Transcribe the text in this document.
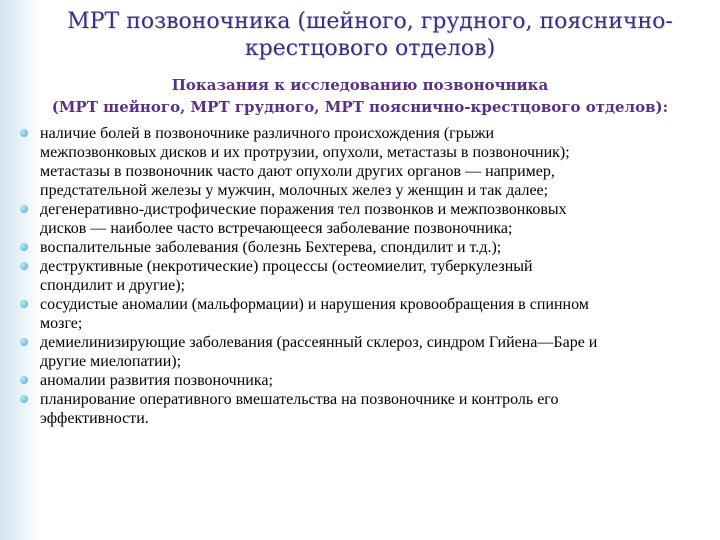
МРТ позвоночника (шейного, грудного, пояснично-
крестцового отделов)
Показания к исследованию позвоночника
(МРТ шейного, МРТ грудного, МРТ пояснично-крестцового отделов):
наличие болей в позвоночнике различного происхождения (грыжи
межпозвонковых дисков и их протрузии, опухоли, метастазы в позвоночник);
метастазы в позвоночник часто дают опухоли других органов — например,
предстательной железы у мужчин, молочных желез у женщин и так далее;
дегенеративно-дистрофические поражения тел позвонков и межпозвонковых
дисков — наиболее часто встречающееся заболевание позвоночника;
воспалительные заболевания (болезнь Бехтерева, спондилит и т.д.);
деструктивные (некротические) процессы (остеомиелит, туберкулезный
спондилит и другие);
сосудистые аномалии (мальформации) и нарушения кровообращения в спинном
мозге;
демиелинизирующие заболевания (рассеянный склероз, синдром Гийена—Баре и
другие миелопатии);
аномалии развития позвоночника;
планирование оперативного вмешательства на позвоночнике и контроль его
эффективности.
